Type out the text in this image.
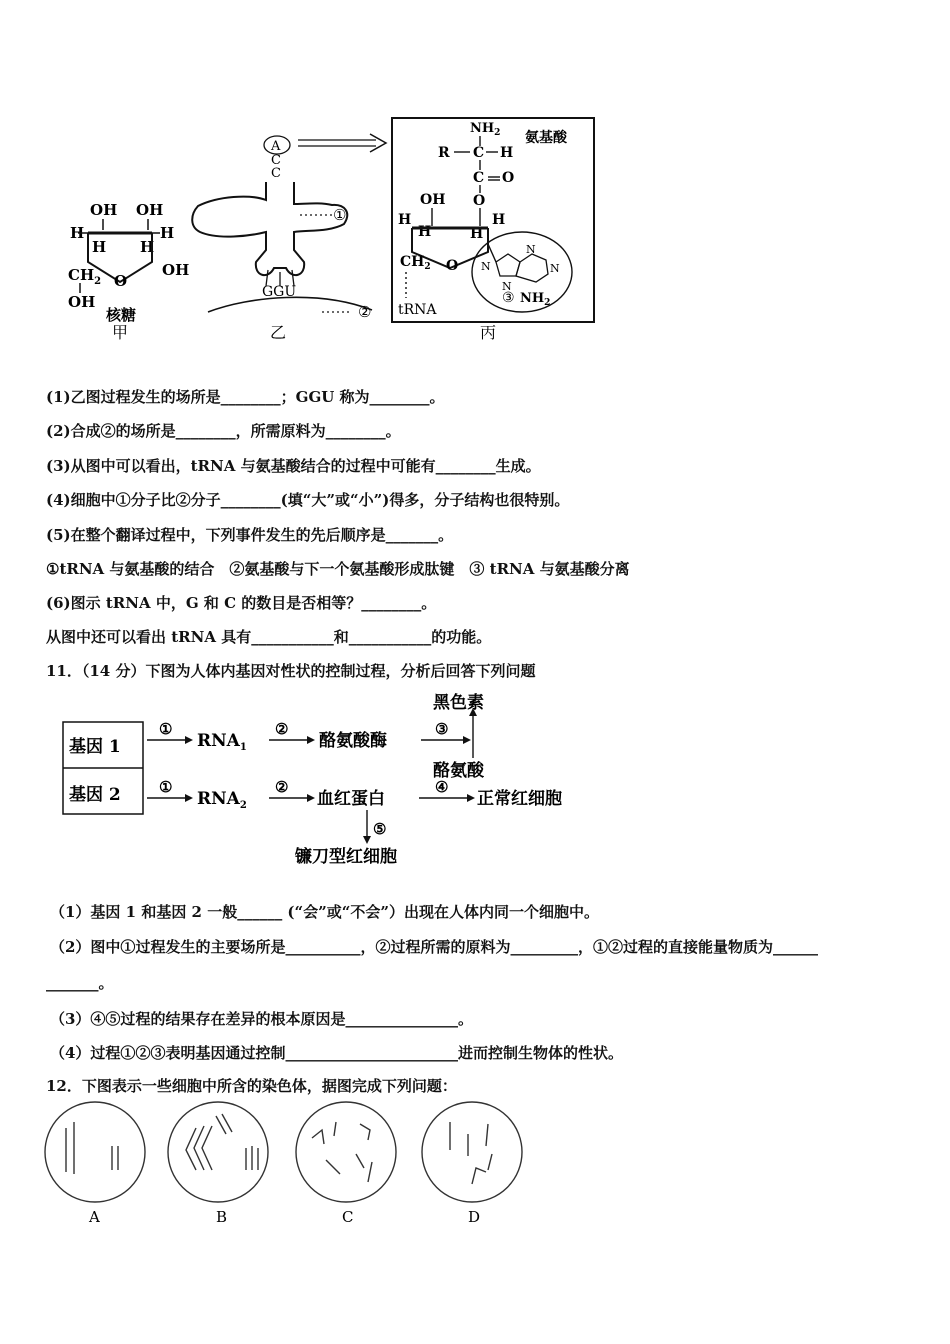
OH OH
H	H
H H
$CH_2$ O
OH
OH
核糖
甲
A
C
C
①
GGU
②
乙
$NH_2$
R C H
氨基酸
C O
O
OH
H
H
H
H
$CH_2$ O
tRNA
N
N
N
N
③ $NH_2$
丙
(1)乙图过程发生的场所是________；GGU 称为________。
(2)合成②的场所是________，所需原料为________。
(3)从图中可以看出，tRNA 与氨基酸结合的过程中可能有________生成。
(4)细胞中①分子比②分子________(填“大”或“小”)得多，分子结构也很特别。
(5)在整个翻译过程中，下列事件发生的先后顺序是_______。
①tRNA 与氨基酸的结合　②氨基酸与下一个氨基酸形成肽键　③ tRNA 与氨基酸分离
(6)图示 tRNA 中，G 和 C 的数目是否相等？________。
从图中还可以看出 tRNA 具有___________和___________的功能。
11．（14 分）下图为人体内基因对性状的控制过程，分析后回答下列问题
基因 1
基因 2
①
$RNA_1$
②
酪氨酸酶
③
黑色素
酪氨酸
①
$RNA_2$
②
血红蛋白
④
正常红细胞
⑤
镰刀型红细胞
（1）基因 1 和基因 2 一般______ (“会”或“不会”）出现在人体内同一个细胞中。
（2）图中①过程发生的主要场所是__________，②过程所需的原料为_________，①②过程的直接能量物质为______
_______。
（3）④⑤过程的结果存在差异的根本原因是_______________。
（4）过程①②③表明基因通过控制_______________________进而控制生物体的性状。
12．下图表示一些细胞中所含的染色体，据图完成下列问题：
A	B	C	D
